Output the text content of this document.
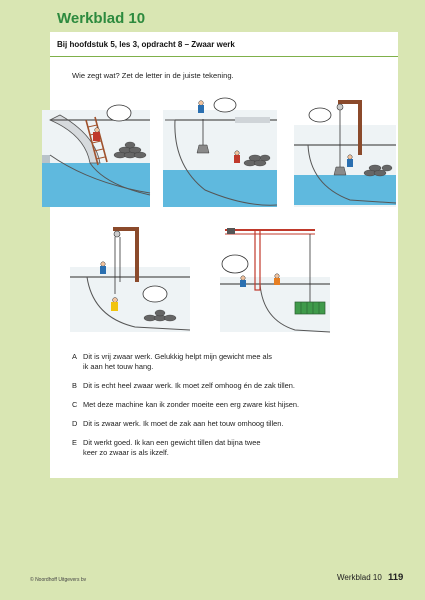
Werkblad 10
Bij hoofdstuk 5, les 3, opdracht 8 – Zwaar werk
Wie zegt wat? Zet de letter in de juiste tekening.
A Dit is vrij zwaar werk. Gelukkig helpt mijn gewicht mee als
ik aan het touw hang.
B Dit is echt heel zwaar werk. Ik moet zelf omhoog én de zak tillen.
C Met deze machine kan ik zonder moeite een erg zware kist hijsen.
D Dit is zwaar werk. Ik moet de zak aan het touw omhoog tillen.
E Dit werkt goed. Ik kan een gewicht tillen dat bijna twee
keer zo zwaar is als ikzelf.
© Noordhoff Uitgevers bv	Werkblad 10 119
